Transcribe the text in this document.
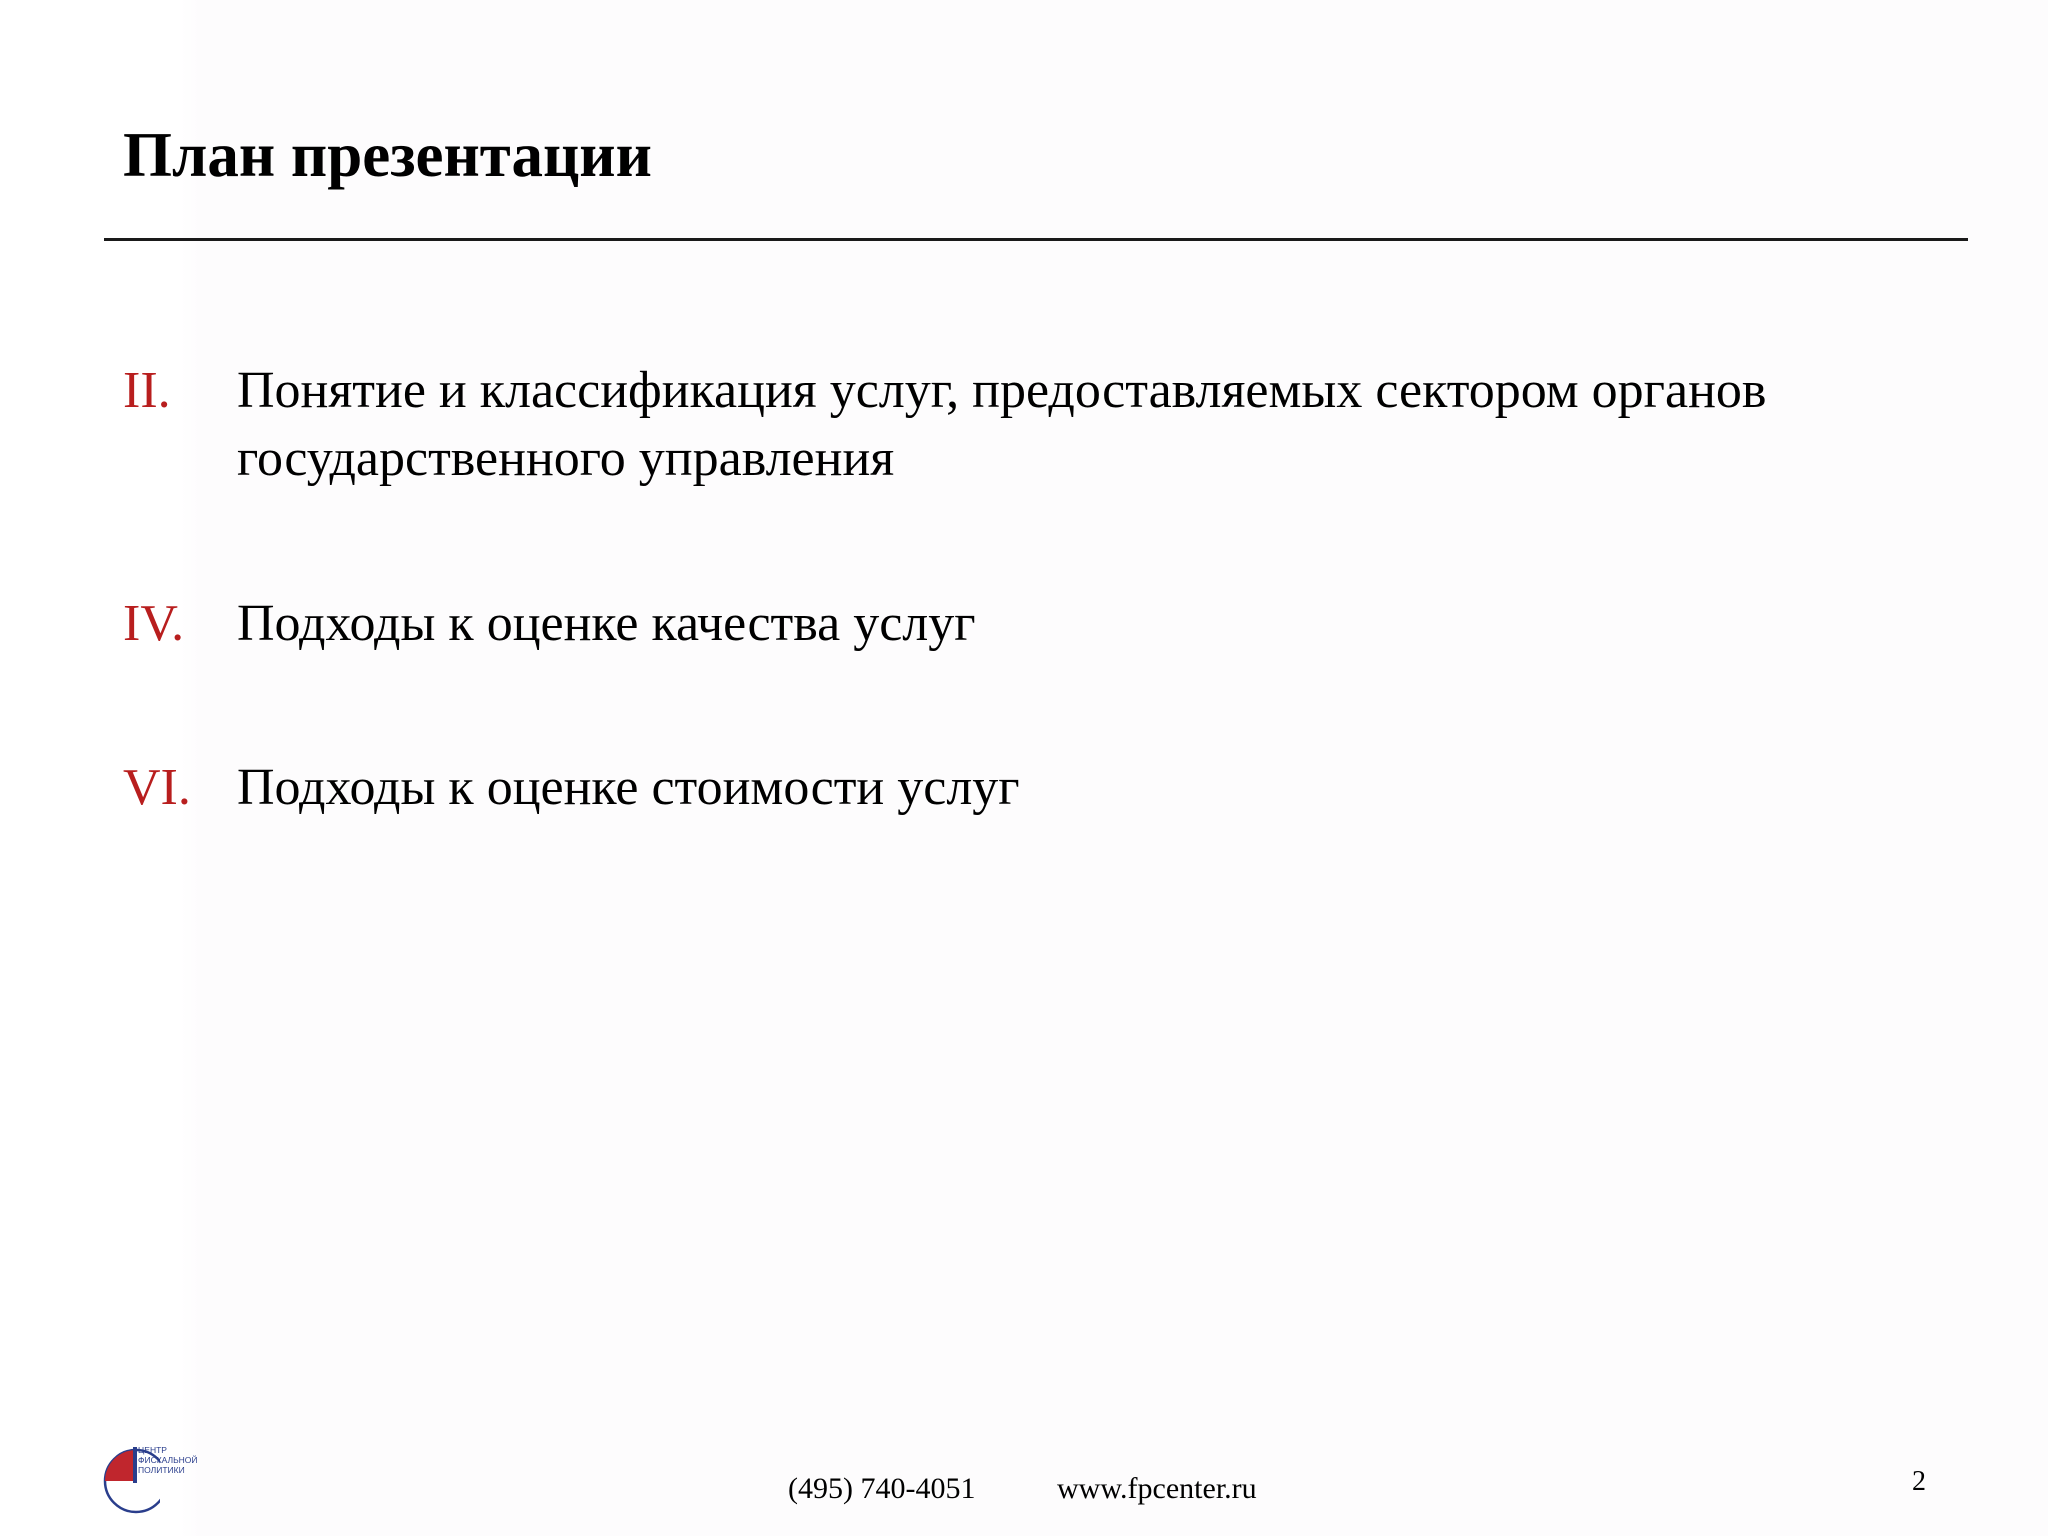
План презентации
II. Понятие и классификация услуг, предоставляемых сектором органов государственного управления
IV. Подходы к оценке качества услуг
VI. Подходы к оценке стоимости услуг
ЦЕНТР
ФИСКАЛЬНОЙ
ПОЛИТИКИ
(495) 740-4051	www.fpcenter.ru	2
